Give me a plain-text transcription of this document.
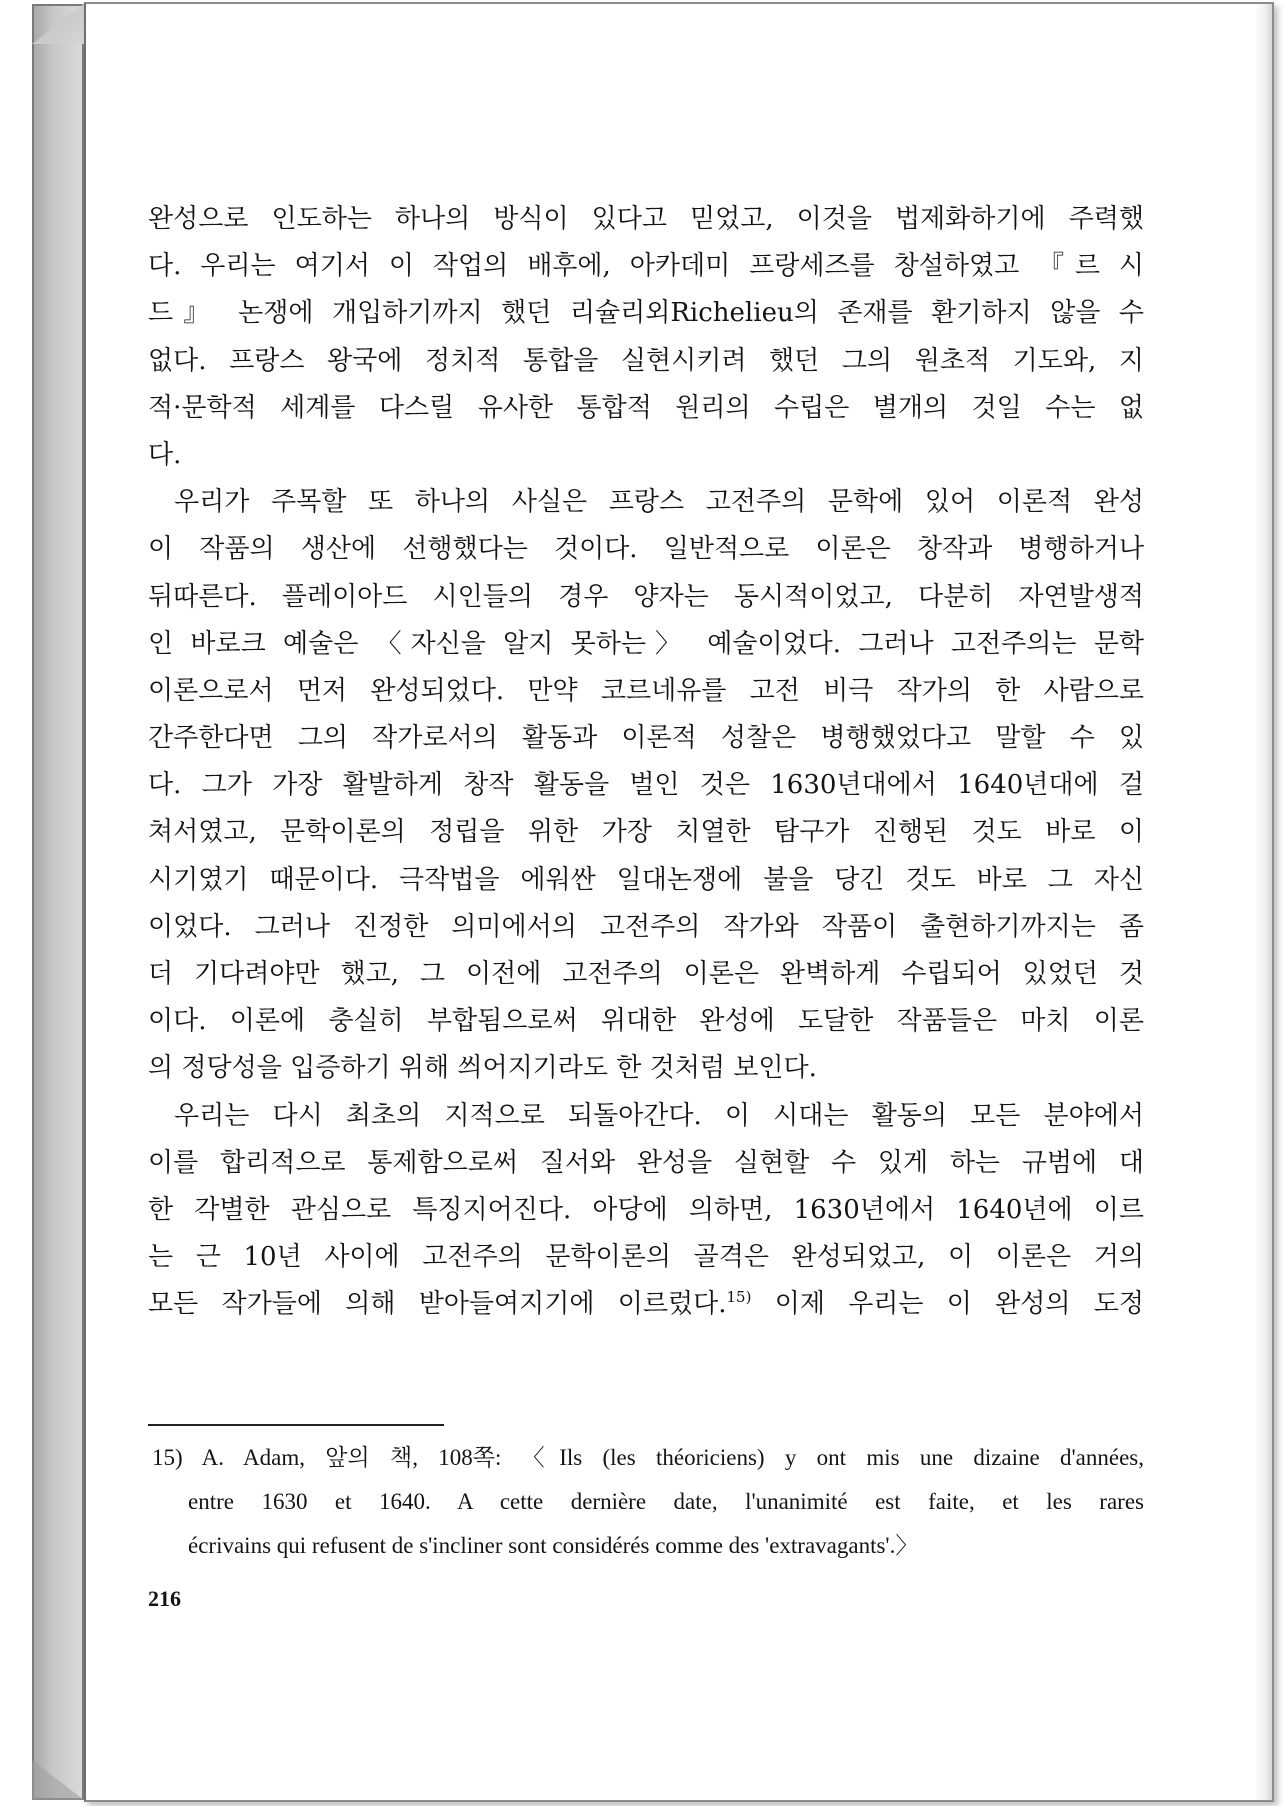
완성으로 인도하는 하나의 방식이 있다고 믿었고, 이것을 법제화하기에 주력했
다. 우리는 여기서 이 작업의 배후에, 아카데미 프랑세즈를 창설하였고 『르 시
드』 논쟁에 개입하기까지 했던 리슐리외Richelieu의 존재를 환기하지 않을 수
없다. 프랑스 왕국에 정치적 통합을 실현시키려 했던 그의 원초적 기도와, 지
적·문학적 세계를 다스릴 유사한 통합적 원리의 수립은 별개의 것일 수는 없
다.
우리가 주목할 또 하나의 사실은 프랑스 고전주의 문학에 있어 이론적 완성
이 작품의 생산에 선행했다는 것이다. 일반적으로 이론은 창작과 병행하거나
뒤따른다. 플레이아드 시인들의 경우 양자는 동시적이었고, 다분히 자연발생적
인 바로크 예술은 〈자신을 알지 못하는〉 예술이었다. 그러나 고전주의는 문학
이론으로서 먼저 완성되었다. 만약 코르네유를 고전 비극 작가의 한 사람으로
간주한다면 그의 작가로서의 활동과 이론적 성찰은 병행했었다고 말할 수 있
다. 그가 가장 활발하게 창작 활동을 벌인 것은 1630년대에서 1640년대에 걸
쳐서였고, 문학이론의 정립을 위한 가장 치열한 탐구가 진행된 것도 바로 이
시기였기 때문이다. 극작법을 에워싼 일대논쟁에 불을 당긴 것도 바로 그 자신
이었다. 그러나 진정한 의미에서의 고전주의 작가와 작품이 출현하기까지는 좀
더 기다려야만 했고, 그 이전에 고전주의 이론은 완벽하게 수립되어 있었던 것
이다. 이론에 충실히 부합됨으로써 위대한 완성에 도달한 작품들은 마치 이론
의 정당성을 입증하기 위해 씌어지기라도 한 것처럼 보인다.
우리는 다시 최초의 지적으로 되돌아간다. 이 시대는 활동의 모든 분야에서
이를 합리적으로 통제함으로써 질서와 완성을 실현할 수 있게 하는 규범에 대
한 각별한 관심으로 특징지어진다. 아당에 의하면, 1630년에서 1640년에 이르
는 근 10년 사이에 고전주의 문학이론의 골격은 완성되었고, 이 이론은 거의
모든 작가들에 의해 받아들여지기에 이르렀다.$^{15)}$ 이제 우리는 이 완성의 도정
15) A. Adam, 앞의 책, 108쪽: 〈Ils (les théoriciens) y ont mis une dizaine d'années,
entre 1630 et 1640. A cette dernière date, l'unanimité est faite, et les rares
écrivains qui refusent de s'incliner sont considérés comme des 'extravagants'.〉
216
